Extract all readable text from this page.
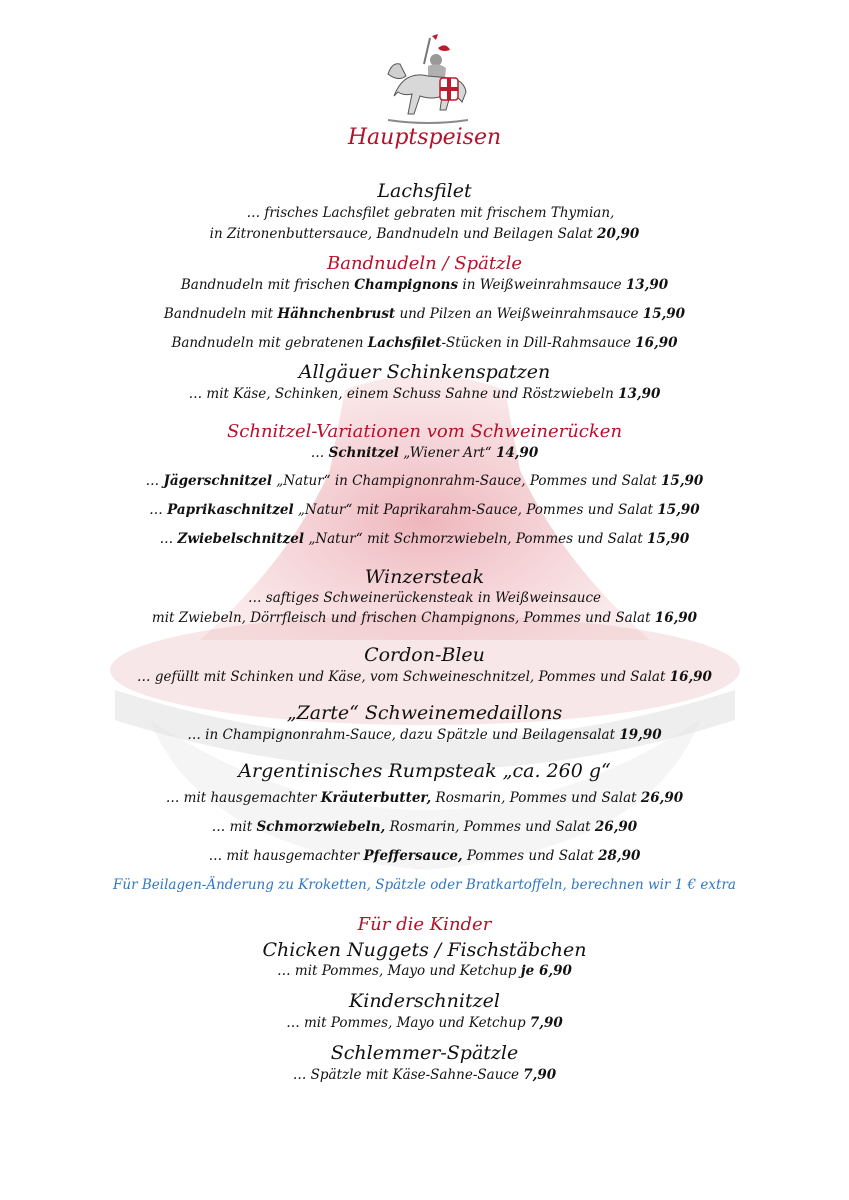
Hauptspeisen
Lachsfilet
… frisches Lachsfilet gebraten mit frischem Thymian,
in Zitronenbuttersauce, Bandnudeln und Beilagen Salat 20,90
Bandnudeln / Spätzle
Bandnudeln mit frischen Champignons in Weißweinrahmsauce 13,90
Bandnudeln mit Hähnchenbrust und Pilzen an Weißweinrahmsauce 15,90
Bandnudeln mit gebratenen Lachsfilet-Stücken in Dill-Rahmsauce 16,90
Allgäuer Schinkenspatzen
… mit Käse, Schinken, einem Schuss Sahne und Röstzwiebeln 13,90
Schnitzel-Variationen vom Schweinerücken
… Schnitzel „Wiener Art“ 14,90
… Jägerschnitzel „Natur“ in Champignonrahm-Sauce, Pommes und Salat 15,90
… Paprikaschnitzel „Natur“ mit Paprikarahm-Sauce, Pommes und Salat 15,90
… Zwiebelschnitzel „Natur“ mit Schmorzwiebeln, Pommes und Salat 15,90
Winzersteak
… saftiges Schweinerückensteak in Weißweinsauce
mit Zwiebeln, Dörrfleisch und frischen Champignons, Pommes und Salat 16,90
Cordon-Bleu
… gefüllt mit Schinken und Käse, vom Schweineschnitzel, Pommes und Salat 16,90
„Zarte“ Schweinemedaillons
… in Champignonrahm-Sauce, dazu Spätzle und Beilagensalat 19,90
Argentinisches Rumpsteak „ca. 260 g“
… mit hausgemachter Kräuterbutter, Rosmarin, Pommes und Salat 26,90
… mit Schmorzwiebeln, Rosmarin, Pommes und Salat 26,90
… mit hausgemachter Pfeffersauce, Pommes und Salat 28,90
Für Beilagen-Änderung zu Kroketten, Spätzle oder Bratkartoffeln, berechnen wir 1 € extra
Für die Kinder
Chicken Nuggets / Fischstäbchen
… mit Pommes, Mayo und Ketchup je 6,90
Kinderschnitzel
… mit Pommes, Mayo und Ketchup 7,90
Schlemmer-Spätzle
… Spätzle mit Käse-Sahne-Sauce 7,90
